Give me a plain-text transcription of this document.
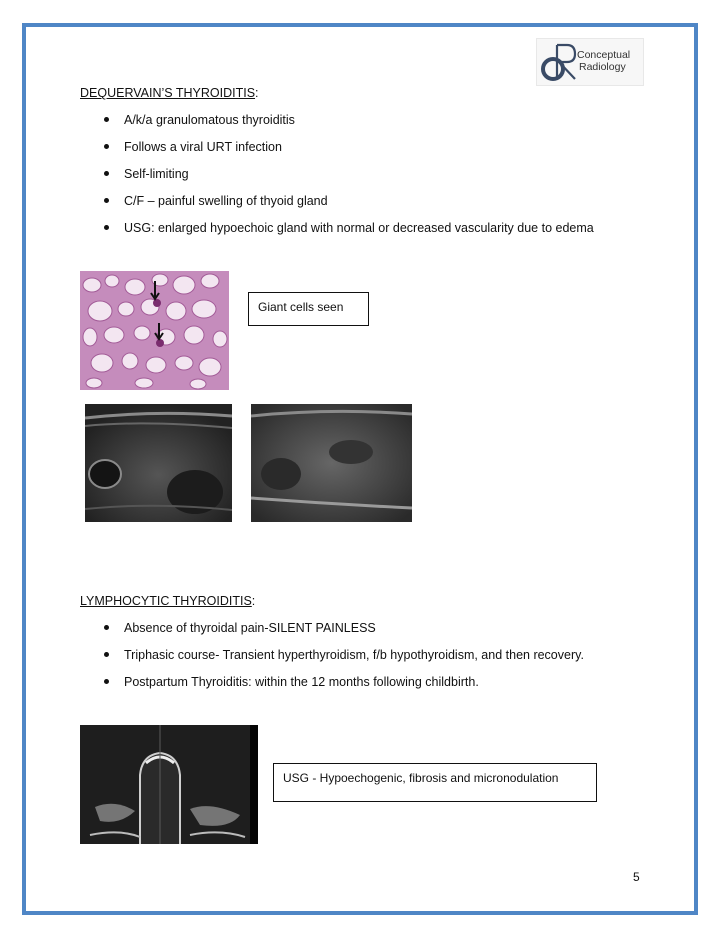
Conceptual
Radiology
DEQUERVAIN’S THYROIDITIS:
A/k/a granulomatous thyroiditis
Follows a viral URT infection
Self-limiting
C/F – painful swelling of thyoid gland
USG: enlarged hypoechoic gland with normal or decreased vascularity due to edema
Giant cells seen
LYMPHOCYTIC THYROIDITIS:
Absence of thyroidal pain-SILENT PAINLESS
Triphasic course- Transient hyperthyroidism, f/b hypothyroidism, and then recovery.
Postpartum Thyroiditis: within the 12 months following childbirth.
USG - Hypoechogenic, fibrosis and micronodulation
5
